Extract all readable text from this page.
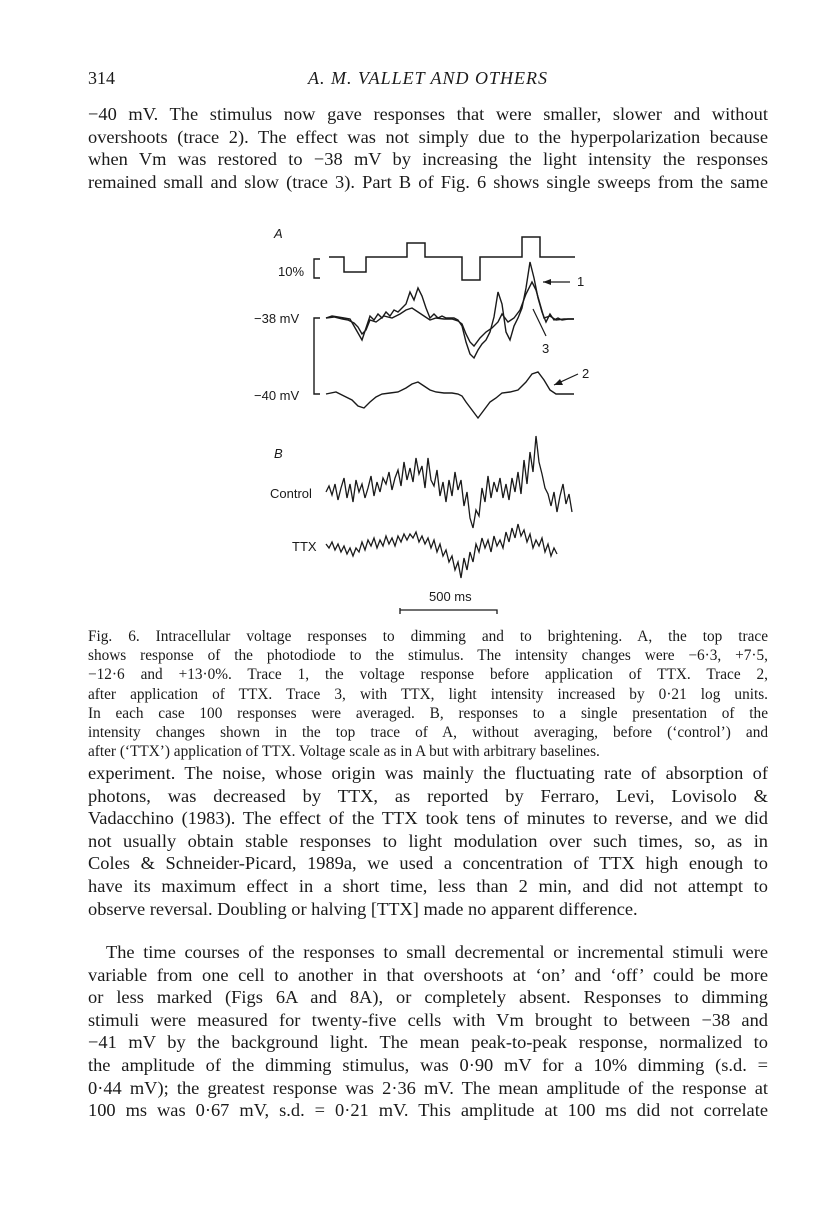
314	A. M. VALLET AND OTHERS

−40 mV. The stimulus now gave responses that were smaller, slower and without
overshoots (trace 2). The effect was not simply due to the hyperpolarization because
when Vm was restored to −38 mV by increasing the light intensity the responses
remained small and slow (trace 3). Part B of Fig. 6 shows single sweeps from the same

A
10%
−38 mV
−40 mV
1
3
2
B
Control
TTX
500 ms

Fig. 6. Intracellular voltage responses to dimming and to brightening. A, the top trace
shows response of the photodiode to the stimulus. The intensity changes were −6·3, +7·5,
−12·6 and +13·0%. Trace 1, the voltage response before application of TTX. Trace 2,
after application of TTX. Trace 3, with TTX, light intensity increased by 0·21 log units.
In each case 100 responses were averaged. B, responses to a single presentation of the
intensity changes shown in the top trace of A, without averaging, before (‘control’) and
after (‘TTX’) application of TTX. Voltage scale as in A but with arbitrary baselines.

experiment. The noise, whose origin was mainly the fluctuating rate of absorption of
photons, was decreased by TTX, as reported by Ferraro, Levi, Lovisolo &
Vadacchino (1983). The effect of the TTX took tens of minutes to reverse, and we did
not usually obtain stable responses to light modulation over such times, so, as in
Coles & Schneider-Picard, 1989a, we used a concentration of TTX high enough to
have its maximum effect in a short time, less than 2 min, and did not attempt to
observe reversal. Doubling or halving [TTX] made no apparent difference.

The time courses of the responses to small decremental or incremental stimuli were
variable from one cell to another in that overshoots at ‘on’ and ‘off’ could be more
or less marked (Figs 6A and 8A), or completely absent. Responses to dimming
stimuli were measured for twenty-five cells with Vm brought to between −38 and
−41 mV by the background light. The mean peak-to-peak response, normalized to
the amplitude of the dimming stimulus, was 0·90 mV for a 10% dimming (s.d. =
0·44 mV); the greatest response was 2·36 mV. The mean amplitude of the response at
100 ms was 0·67 mV, s.d. = 0·21 mV. This amplitude at 100 ms did not correlate
